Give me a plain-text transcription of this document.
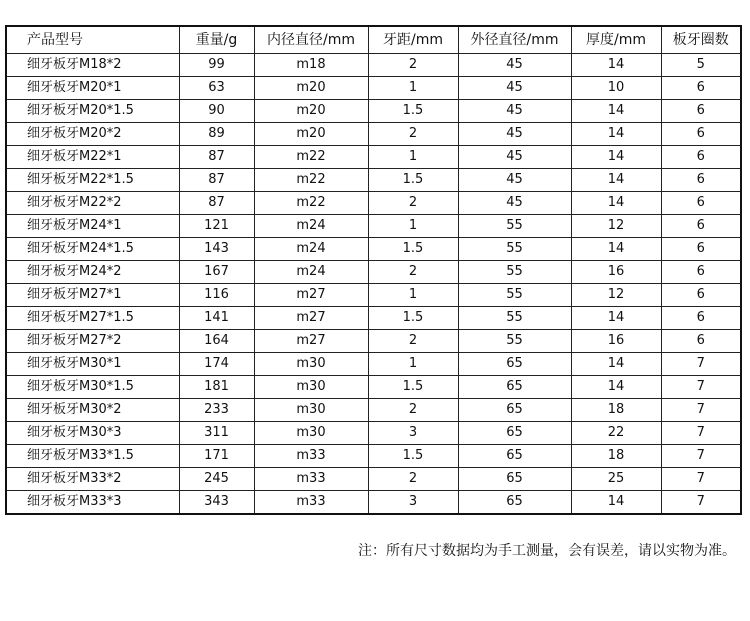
产品型号	重量/g	内径直径/mm	牙距/mm	外径直径/mm	厚度/mm	板牙圈数
细牙板牙M18*2	99	m18	2	45	14	5
细牙板牙M20*1	63	m20	1	45	10	6
细牙板牙M20*1.5	90	m20	1.5	45	14	6
细牙板牙M20*2	89	m20	2	45	14	6
细牙板牙M22*1	87	m22	1	45	14	6
细牙板牙M22*1.5	87	m22	1.5	45	14	6
细牙板牙M22*2	87	m22	2	45	14	6
细牙板牙M24*1	121	m24	1	55	12	6
细牙板牙M24*1.5	143	m24	1.5	55	14	6
细牙板牙M24*2	167	m24	2	55	16	6
细牙板牙M27*1	116	m27	1	55	12	6
细牙板牙M27*1.5	141	m27	1.5	55	14	6
细牙板牙M27*2	164	m27	2	55	16	6
细牙板牙M30*1	174	m30	1	65	14	7
细牙板牙M30*1.5	181	m30	1.5	65	14	7
细牙板牙M30*2	233	m30	2	65	18	7
细牙板牙M30*3	311	m30	3	65	22	7
细牙板牙M33*1.5	171	m33	1.5	65	18	7
细牙板牙M33*2	245	m33	2	65	25	7
细牙板牙M33*3	343	m33	3	65	14	7
注：所有尺寸数据均为手工测量，会有误差，请以实物为准。
